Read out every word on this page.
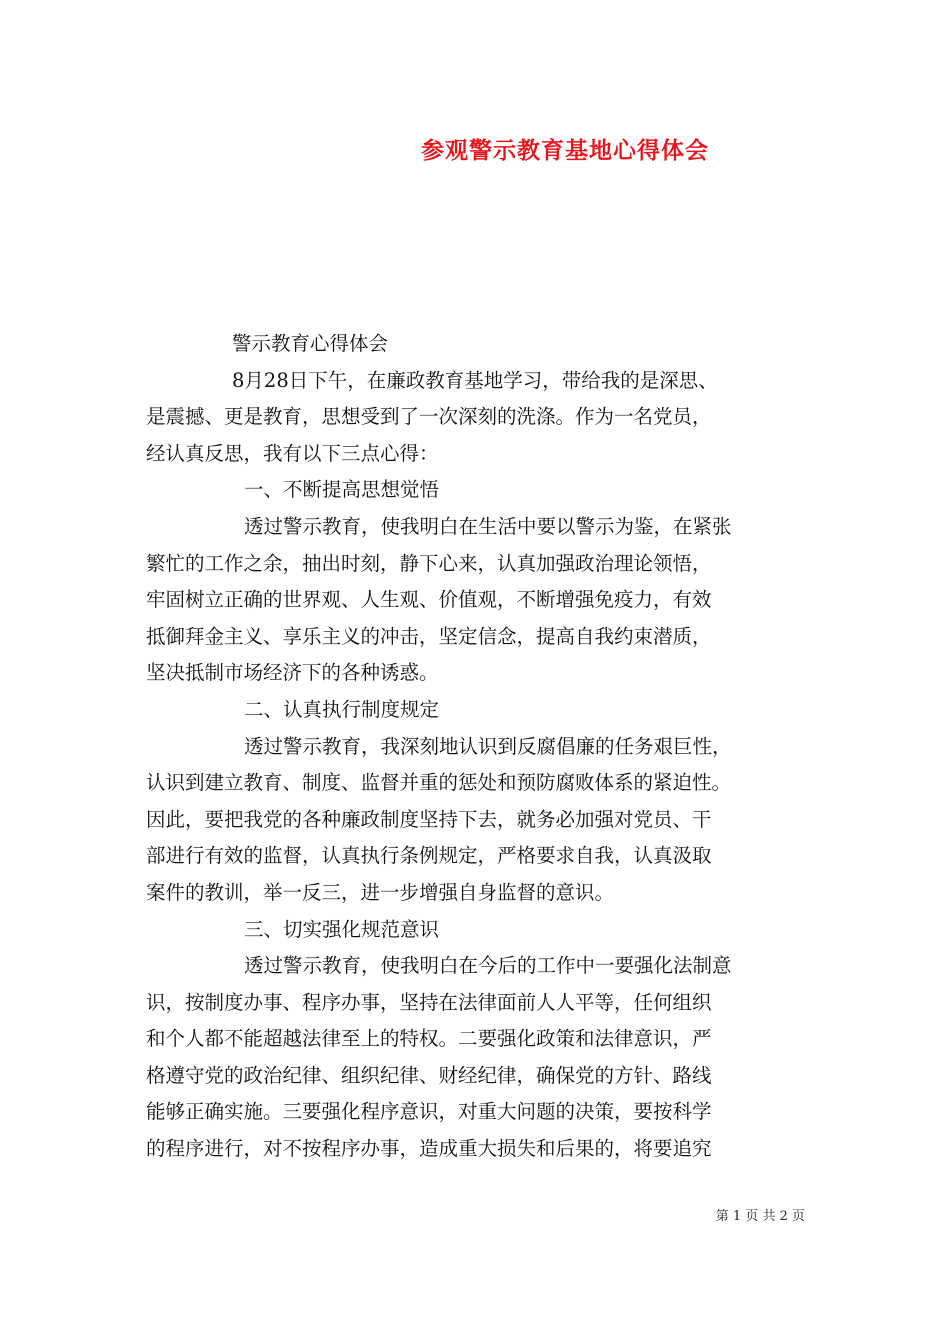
参观警示教育基地心得体会
警示教育心得体会
8月28日下午，在廉政教育基地学习，带给我的是深思、
是震撼、更是教育，思想受到了一次深刻的洗涤。作为一名党员，
经认真反思，我有以下三点心得：
一、不断提高思想觉悟
透过警示教育，使我明白在生活中要以警示为鉴，在紧张
繁忙的工作之余，抽出时刻，静下心来，认真加强政治理论领悟，
牢固树立正确的世界观、人生观、价值观，不断增强免疫力，有效
抵御拜金主义、享乐主义的冲击，坚定信念，提高自我约束潜质，
坚决抵制市场经济下的各种诱惑。
二、认真执行制度规定
透过警示教育，我深刻地认识到反腐倡廉的任务艰巨性，
认识到建立教育、制度、监督并重的惩处和预防腐败体系的紧迫性。
因此，要把我党的各种廉政制度坚持下去，就务必加强对党员、干
部进行有效的监督，认真执行条例规定，严格要求自我，认真汲取
案件的教训，举一反三，进一步增强自身监督的意识。
三、切实强化规范意识
透过警示教育，使我明白在今后的工作中一要强化法制意
识，按制度办事、程序办事，坚持在法律面前人人平等，任何组织
和个人都不能超越法律至上的特权。二要强化政策和法律意识，严
格遵守党的政治纪律、组织纪律、财经纪律，确保党的方针、路线
能够正确实施。三要强化程序意识，对重大问题的决策，要按科学
的程序进行，对不按程序办事，造成重大损失和后果的，将要追究
第 1 页 共 2 页
